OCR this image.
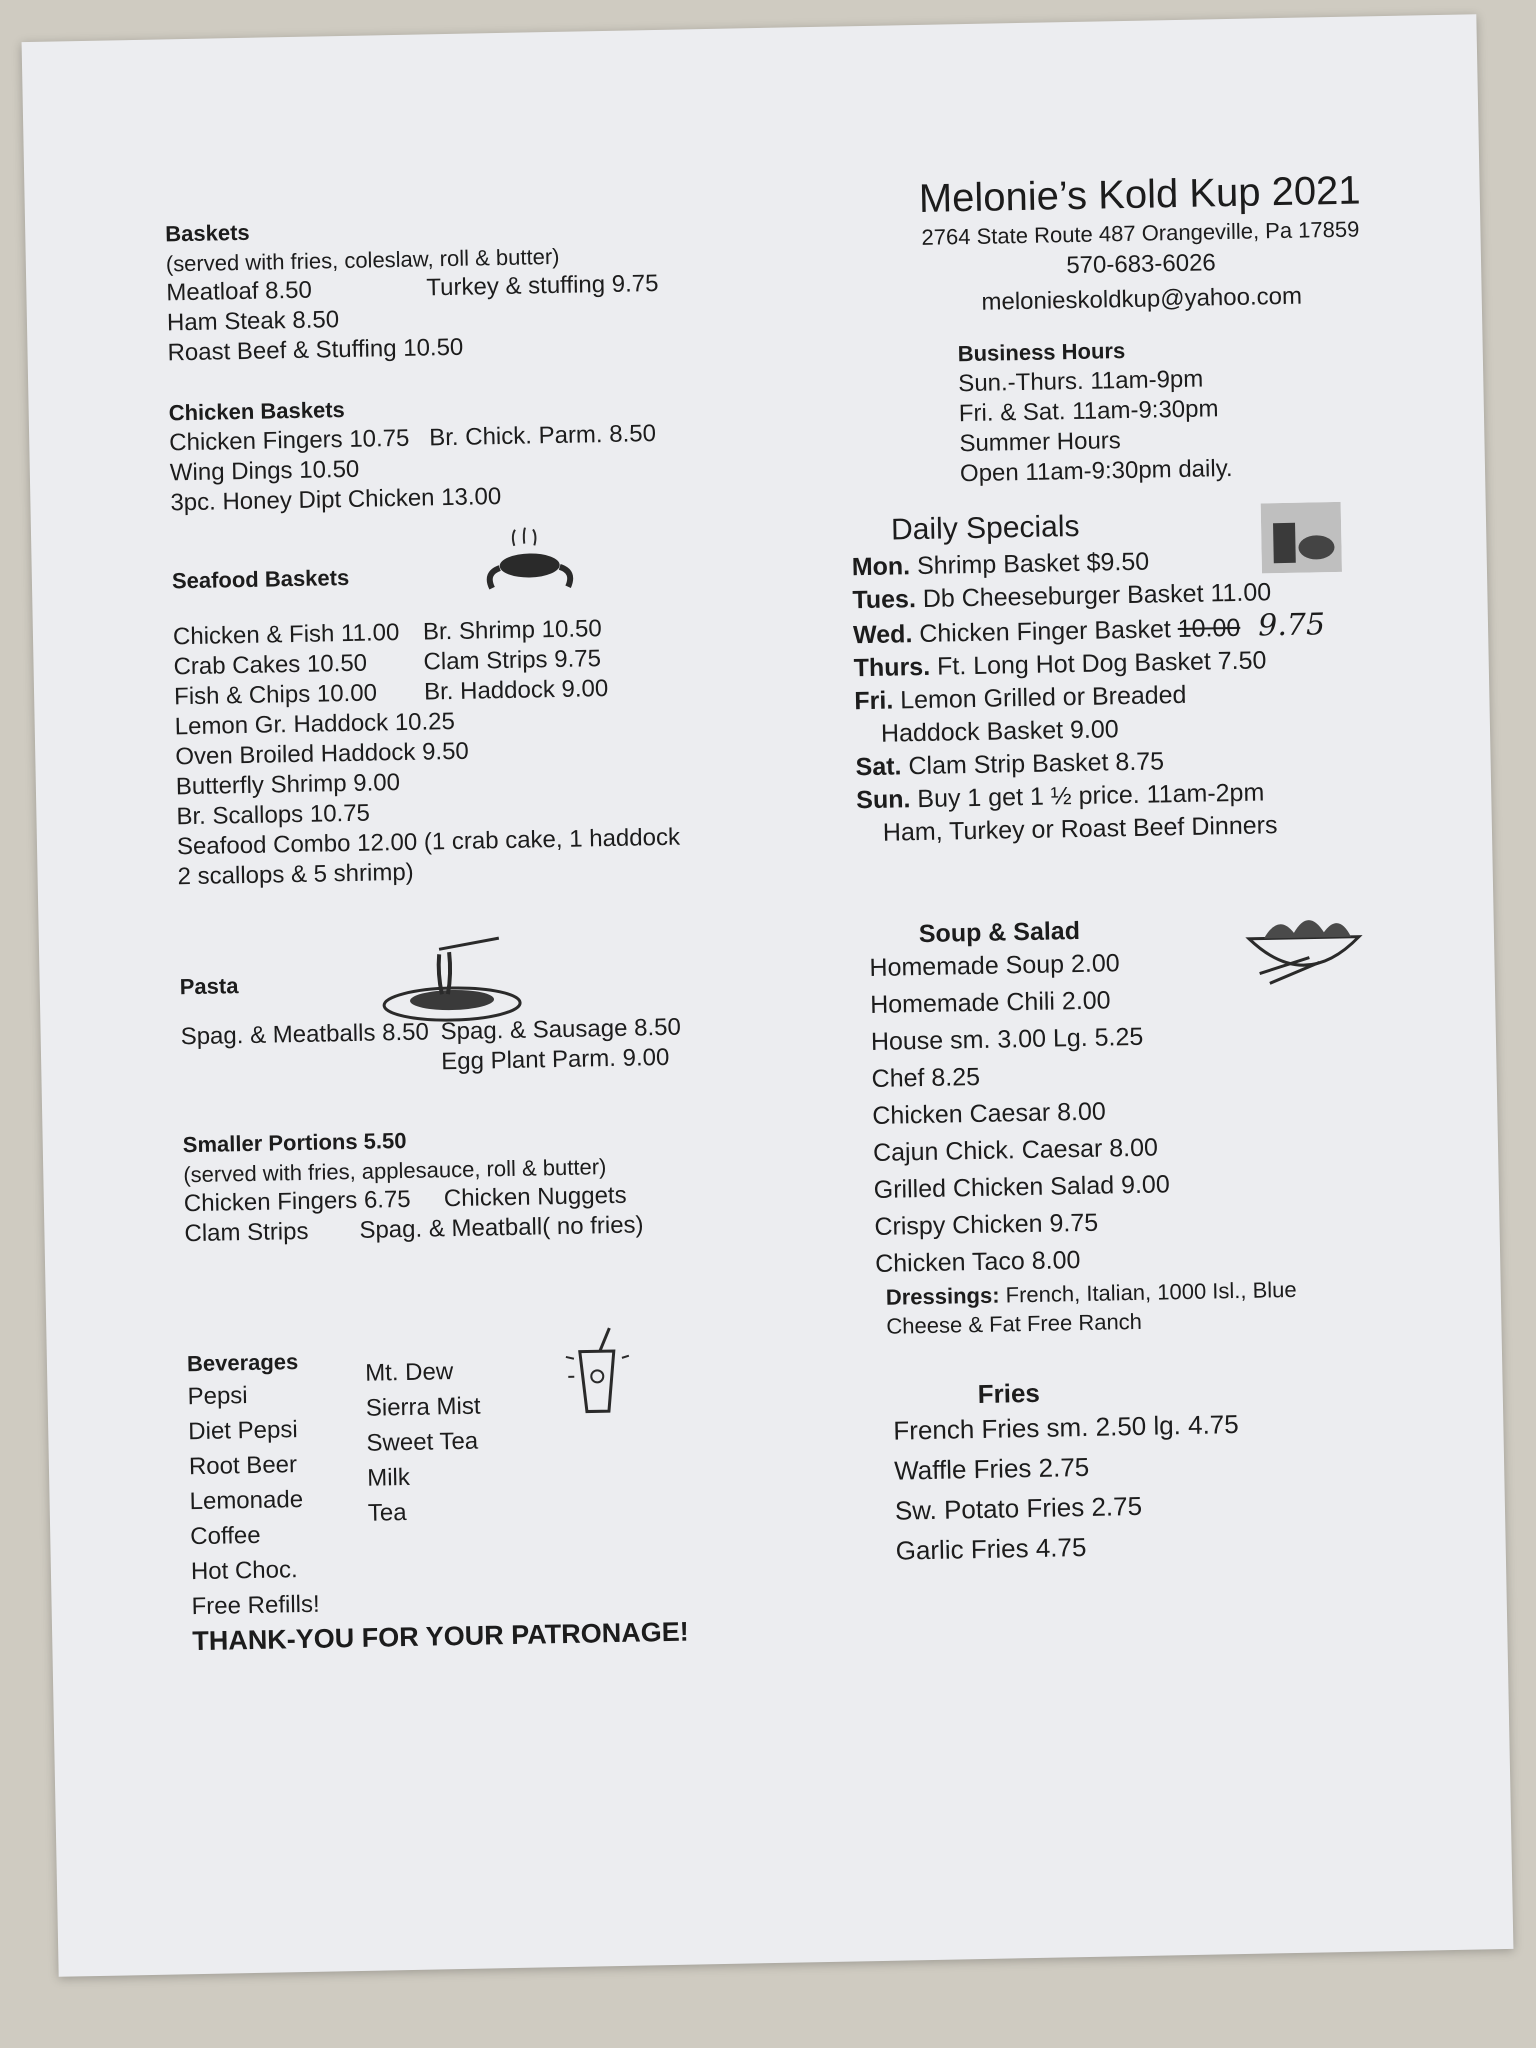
Baskets
(served with fries, coleslaw, roll & butter)
Meatloaf 8.50	Turkey & stuffing 9.75
Ham Steak 8.50
Roast Beef & Stuffing 10.50
Chicken Baskets
Chicken Fingers 10.75 Br. Chick. Parm. 8.50
Wing Dings 10.50
3pc. Honey Dipt Chicken 13.00
Seafood Baskets
Chicken & Fish 11.00 Br. Shrimp 10.50
Crab Cakes 10.50	Clam Strips 9.75
Fish & Chips 10.00	Br. Haddock 9.00
Lemon Gr. Haddock 10.25
Oven Broiled Haddock 9.50
Butterfly Shrimp 9.00
Br. Scallops 10.75
Seafood Combo 12.00 (1 crab cake, 1 haddock
2 scallops & 5 shrimp)
Pasta
Spag. & Meatballs 8.50 Spag. & Sausage 8.50
Egg Plant Parm. 9.00
Smaller Portions 5.50
(served with fries, applesauce, roll & butter)
Chicken Fingers 6.75	Chicken Nuggets
Clam Strips	Spag. & Meatball( no fries)
Beverages
Pepsi
Diet Pepsi
Root Beer
Lemonade
Coffee
Hot Choc.
Free Refills!
Mt. Dew
Sierra Mist
Sweet Tea
Milk
Tea
THANK-YOU FOR YOUR PATRONAGE!
Melonie’s Kold Kup 2021
2764 State Route 487 Orangeville, Pa 17859
570-683-6026
melonieskoldkup@yahoo.com
Business Hours
Sun.-Thurs. 11am-9pm
Fri. & Sat. 11am-9:30pm
Summer Hours
Open 11am-9:30pm daily.
Daily Specials
Mon. Shrimp Basket $9.50
Tues. Db Cheeseburger Basket 11.00
Wed. Chicken Finger Basket 10.00 9.75
Thurs. Ft. Long Hot Dog Basket 7.50
Fri. Lemon Grilled or Breaded
Haddock Basket 9.00
Sat. Clam Strip Basket 8.75
Sun. Buy 1 get 1 ½ price. 11am-2pm
Ham, Turkey or Roast Beef Dinners
Soup & Salad
Homemade Soup 2.00
Homemade Chili 2.00
House sm. 3.00 Lg. 5.25
Chef 8.25
Chicken Caesar 8.00
Cajun Chick. Caesar 8.00
Grilled Chicken Salad 9.00
Crispy Chicken 9.75
Chicken Taco 8.00
Dressings: French, Italian, 1000 Isl., Blue
Cheese & Fat Free Ranch
Fries
French Fries sm. 2.50 lg. 4.75
Waffle Fries 2.75
Sw. Potato Fries 2.75
Garlic Fries 4.75
